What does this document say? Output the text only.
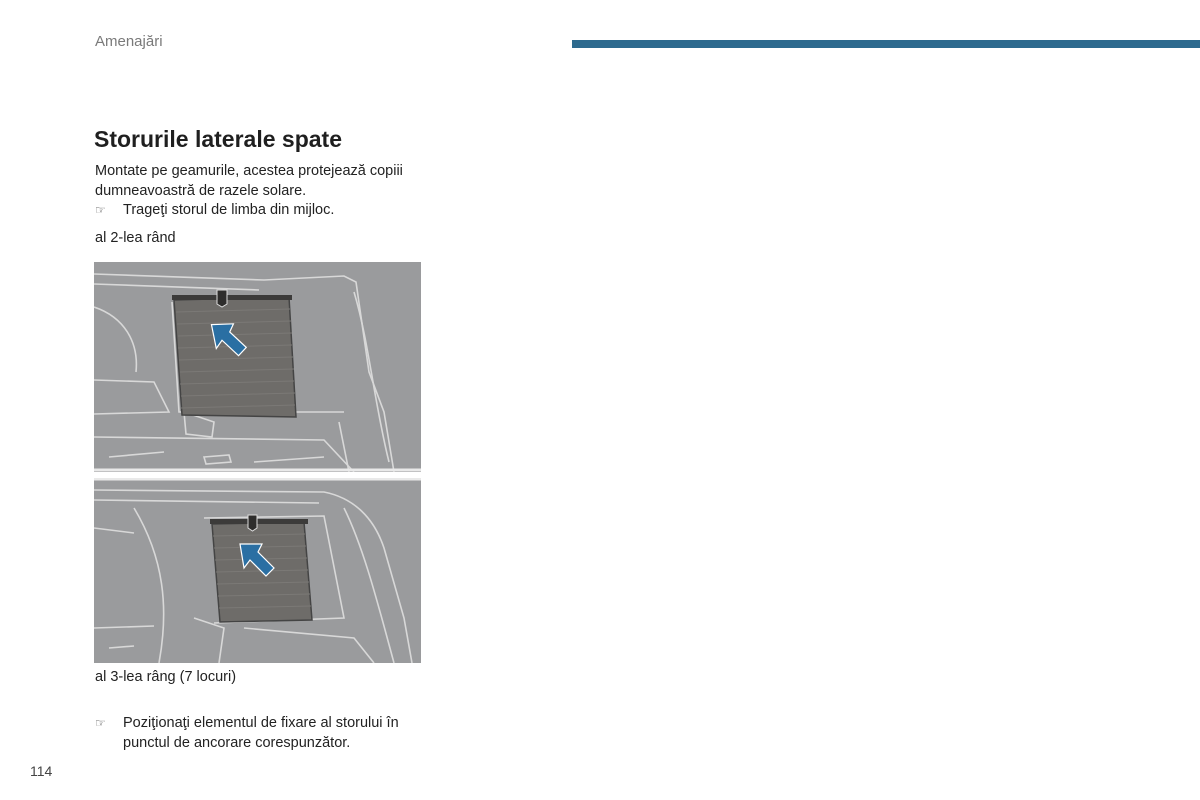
Amenajări
Storurile laterale spate
Montate pe geamurile, acestea protejează copiii dumneavoastră de razele solare.
☞	Trageţi storul de limba din mijloc.
al 2-lea rând
al 3-lea râng (7 locuri)
☞	Poziţionaţi elementul de fixare al storului în punctul de ancorare corespunzător.
114
